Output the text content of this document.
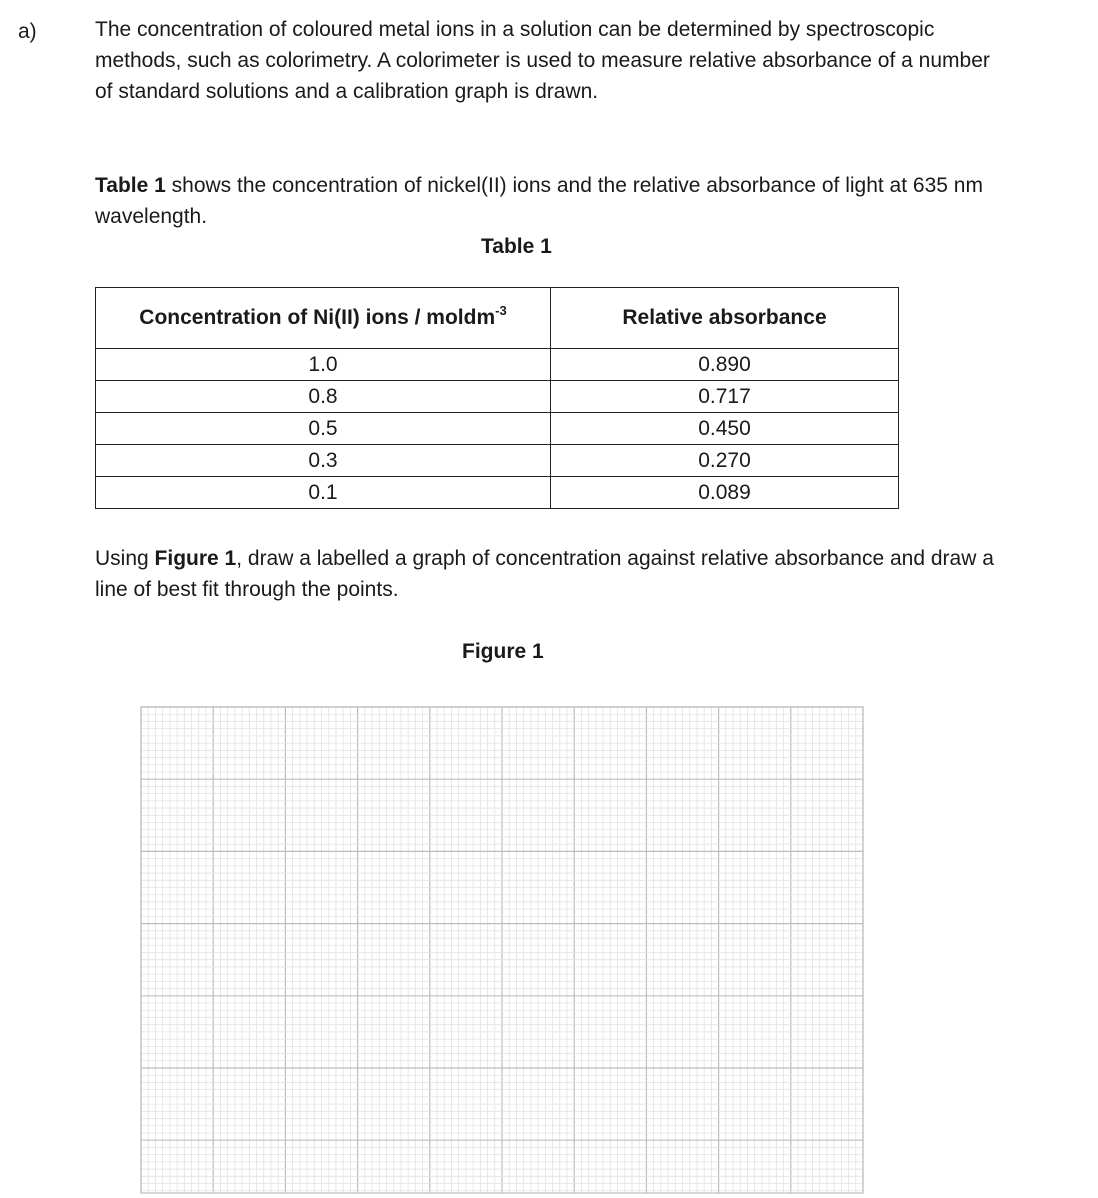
a)	The concentration of coloured metal ions in a solution can be determined by spectroscopic methods, such as colorimetry. A colorimeter is used to measure relative absorbance of a number of standard solutions and a calibration graph is drawn.

Table 1 shows the concentration of nickel(II) ions and the relative absorbance of light at 635 nm wavelength.

Table 1
Concentration of Ni(II) ions / moldm$^{-3}$	Relative absorbance
1.0	0.890
0.8	0.717
0.5	0.450
0.3	0.270
0.1	0.089

Using Figure 1, draw a labelled a graph of concentration against relative absorbance and draw a line of best fit through the points.

Figure 1
